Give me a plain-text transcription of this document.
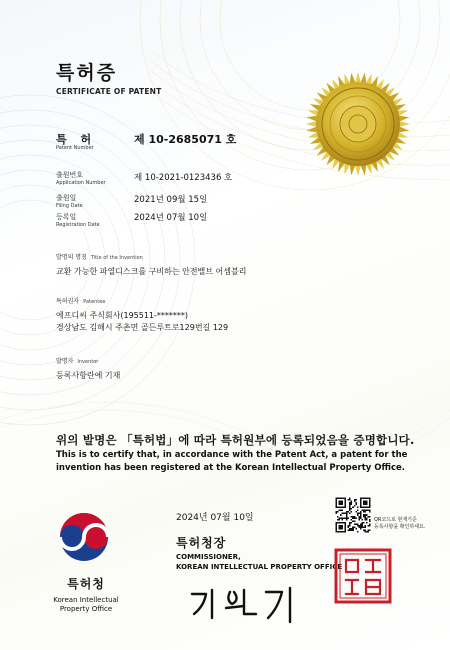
특허증
CERTIFICATE OF PATENT
특 허
Patent Number
제 10-2685071 호
출원번호
Application Number	제 10-2021-0123436 호
출원일
Filing Date
2021년 09월 15일
등록일
Registration Date
2024년 07월 10일
발명의 명칭 Title of the Invention
교환 가능한 파열디스크를 구비하는 안전밸브 어셈블리
특허권자 Patentee
에프디씨 주식회사(195511-*******)
경상남도 김해시 주촌면 골든루트로129번길 129
발명자 Inventor
등록사항란에 기재
위의 발명은 「특허법」에 따라 특허원부에 등록되었음을 증명합니다.
This is to certify that, in accordance with the Patent Act, a patent for the invention has been registered at the Korean Intellectual Property Office.
특허청
Korean Intellectual
Property Office
2024년 07월 10일
특허청장
COMMISSIONER,
KOREAN INTELLECTUAL PROPERTY OFFICE
QR코드로 현재기준
등록사항을 확인하세요.
